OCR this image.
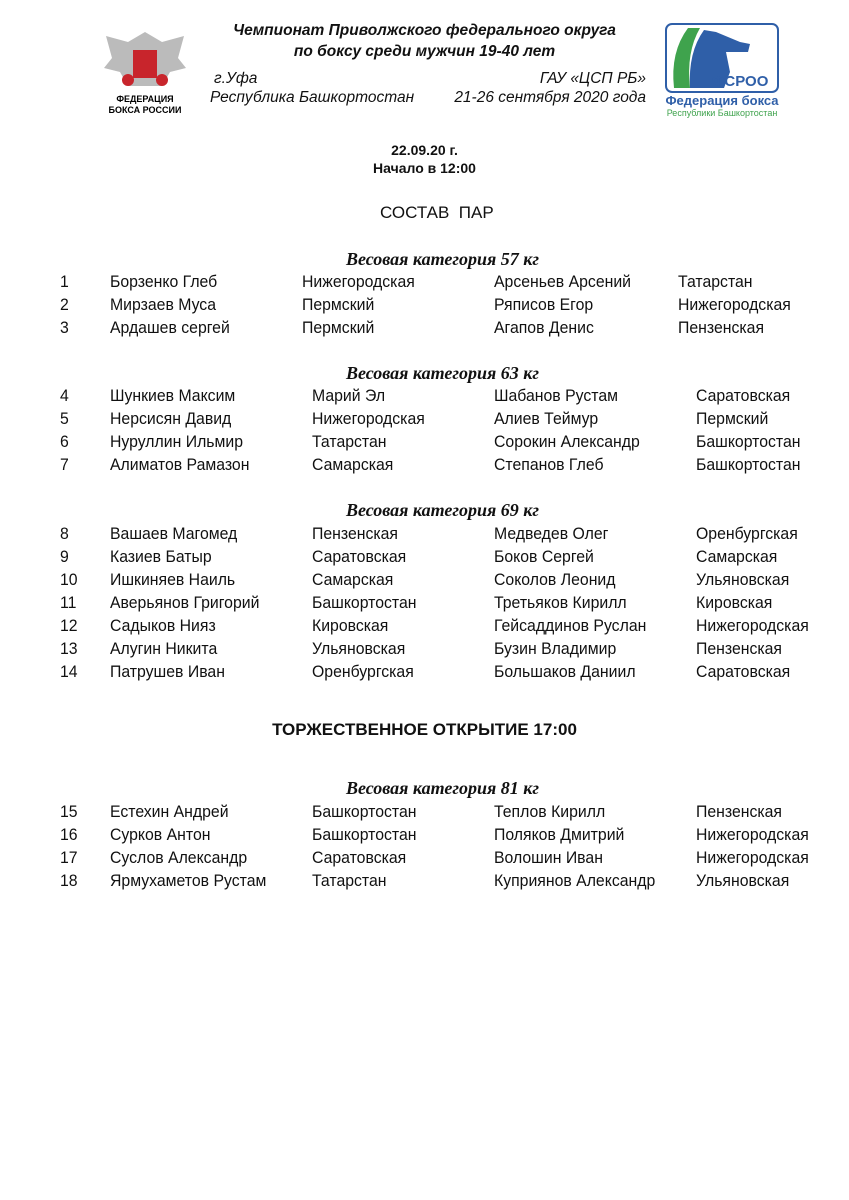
ФЕДЕРАЦИЯ
БОКСА РОССИИ
ФСРОО
Федерация бокса
Республики Башкортостан
Чемпионат Приволжского федерального округа
по боксу среди мужчин 19-40 лет
г.Уфа
Республика Башкортостан
ГАУ «ЦСП РБ»
21-26 сентября 2020 года
22.09.20 г.
Начало в 12:00
СОСТАВ  ПАР
ТОРЖЕСТВЕННОЕ ОТКРЫТИЕ 17:00
Весовая категория 57 кг
1 Борзенко Глеб	Нижегородская	Арсеньев Арсений	Татарстан
2 Мирзаев Муса	Пермский	Ряписов Егор	Нижегородская
3 Ардашев сергей	Пермский	Агапов Денис	Пензенская
Весовая категория 63 кг
4 Шункиев Максим	Марий Эл	Шабанов Рустам	Саратовская
5 Нерсисян Давид	Нижегородская	Алиев Теймур	Пермский
6 Нуруллин Ильмир	Татарстан	Сорокин Александр	Башкортостан
7 Алиматов Рамазон	Самарская	Степанов Глеб	Башкортостан
Весовая категория 69 кг
8 Вашаев Магомед	Пензенская	Медведев Олег	Оренбургская
9 Казиев Батыр	Саратовская	Боков Сергей	Самарская
10 Ишкиняев Наиль	Самарская	Соколов Леонид	Ульяновская
11 Аверьянов Григорий	Башкортостан	Третьяков Кирилл	Кировская
12 Садыков Нияз	Кировская	Гейсаддинов Руслан	Нижегородская
13 Алугин Никита	Ульяновская	Бузин Владимир	Пензенская
14 Патрушев Иван	Оренбургская	Большаков Даниил	Саратовская
Весовая категория 81 кг
15 Естехин Андрей	Башкортостан	Теплов Кирилл	Пензенская
16 Сурков Антон	Башкортостан	Поляков Дмитрий	Нижегородская
17 Суслов Александр	Саратовская	Волошин Иван	Нижегородская
18 Ярмухаметов Рустам	Татарстан	Куприянов Александр Ульяновская
